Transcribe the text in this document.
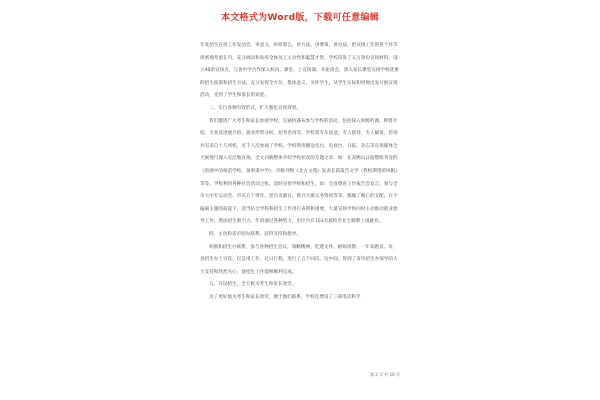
本文格式为Word版，下载可任意编辑

年度招生宣扬工作发动会，讲意义，讲原那么，讲方法，讲要策，讲办法。把宣扬工作的各个环节周密地考虑在内，充分调动和发挥全体员工主动性和聪慧才智，学校印发了五万余份宣扬材料，设立40余宣扬点，与各中学合作深入校内、课堂、上宣扬课，开座谈会，深入家长课堂宣扬学校优惠的招生政策和招生方法，充分发挥全方位，集体意义，关怀学生，从学生实际和进展出发开展宣扬活动，受到了学生和家长的欢迎。

三、实行各种有效形式，扩大强化宣扬效果。

我们邀请广大考生和家长参观学校，压通机遇布参与学校的活动，包括探入班级听课，师资介绍、专业及进展介绍、就业形势分析、招考咨询等。学校派专车接送，专人接待，专人解说，咨询共有来自十几所校，近千人次参观了学校。学校利用播送电台、电视台、日报、杂志等宣扬媒体全天候进行深入宣泛地宣扬。全文刊载整体介绍学校状况的专题文章，如：在双鸭山日报整版刊登的《进展中的师范学校，领事谋中学》，市级刊物《北方文苑》发表长篇报告文学《我校期望的风帆》等等。学校利用各种社会活动之机，适时宣扬学校和招生，如：全省德育工作报告会发言、参与全市大中专运动会、市庆五十周年、党员贡献日、新兴大街义务资询等等，都做了细心的支配，在不偏离主题的前提下，适当结合学校和招生工作进行表明和重要，大量宣扬学校同时主动推动就业指导工作，增添招生吸引力。年初通过各种势力，市区内有103名质校毕业生顺利上岗就业。

四、主动和省市招办联系，获得支持和指导。

积极和招生办联系，参与各种招生会议，领略精神，吃透文件，耐烦请教。一年来跑省、市、县招生办上百次，仅是用工作，过日行程，进行了五个回次，这中间，得到了省市招生办领导的大力支持和热烈关心，使招生工作能够顺利完成。

五、开设招生，全天候为考生和家长效劳。

为了更好地为考生和家长效劳，便于他们联系，学校还增设了三部电话和手

第 2 页 共 16 页
